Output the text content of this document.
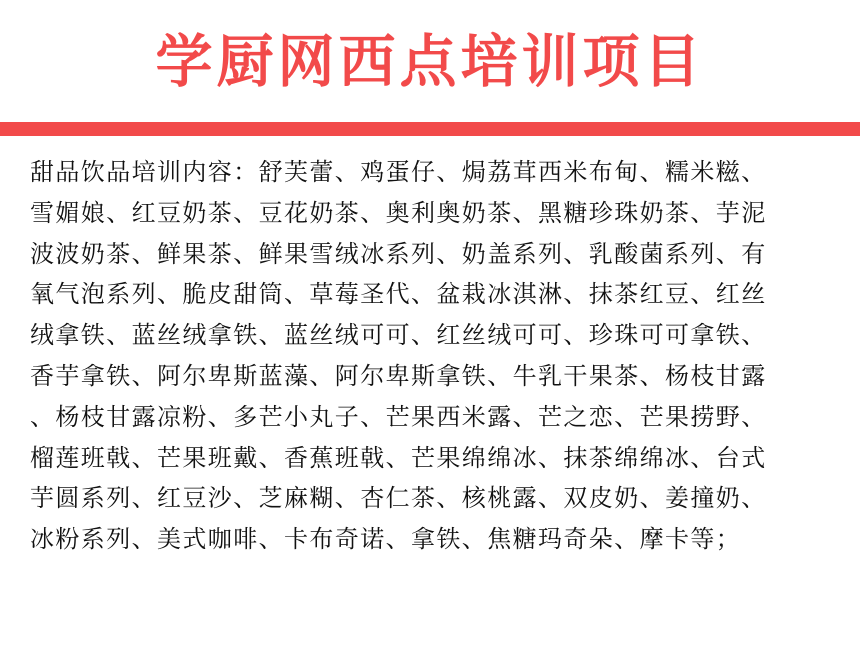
学厨网西点培训项目
甜品饮品培训内容：舒芙蕾、鸡蛋仔、焗荔茸西米布甸、糯米糍、
雪媚娘、红豆奶茶、豆花奶茶、奥利奥奶茶、黑糖珍珠奶茶、芋泥
波波奶茶、鲜果茶、鲜果雪绒冰系列、奶盖系列、乳酸菌系列、有
氧气泡系列、脆皮甜筒、草莓圣代、盆栽冰淇淋、抹茶红豆、红丝
绒拿铁、蓝丝绒拿铁、蓝丝绒可可、红丝绒可可、珍珠可可拿铁、
香芋拿铁、阿尔卑斯蓝藻、阿尔卑斯拿铁、牛乳干果茶、杨枝甘露
、杨枝甘露凉粉、多芒小丸子、芒果西米露、芒之恋、芒果捞野、
榴莲班戟、芒果班戴、香蕉班戟、芒果绵绵冰、抹茶绵绵冰、台式
芋圆系列、红豆沙、芝麻糊、杏仁茶、核桃露、双皮奶、姜撞奶、
冰粉系列、美式咖啡、卡布奇诺、拿铁、焦糖玛奇朵、摩卡等；
